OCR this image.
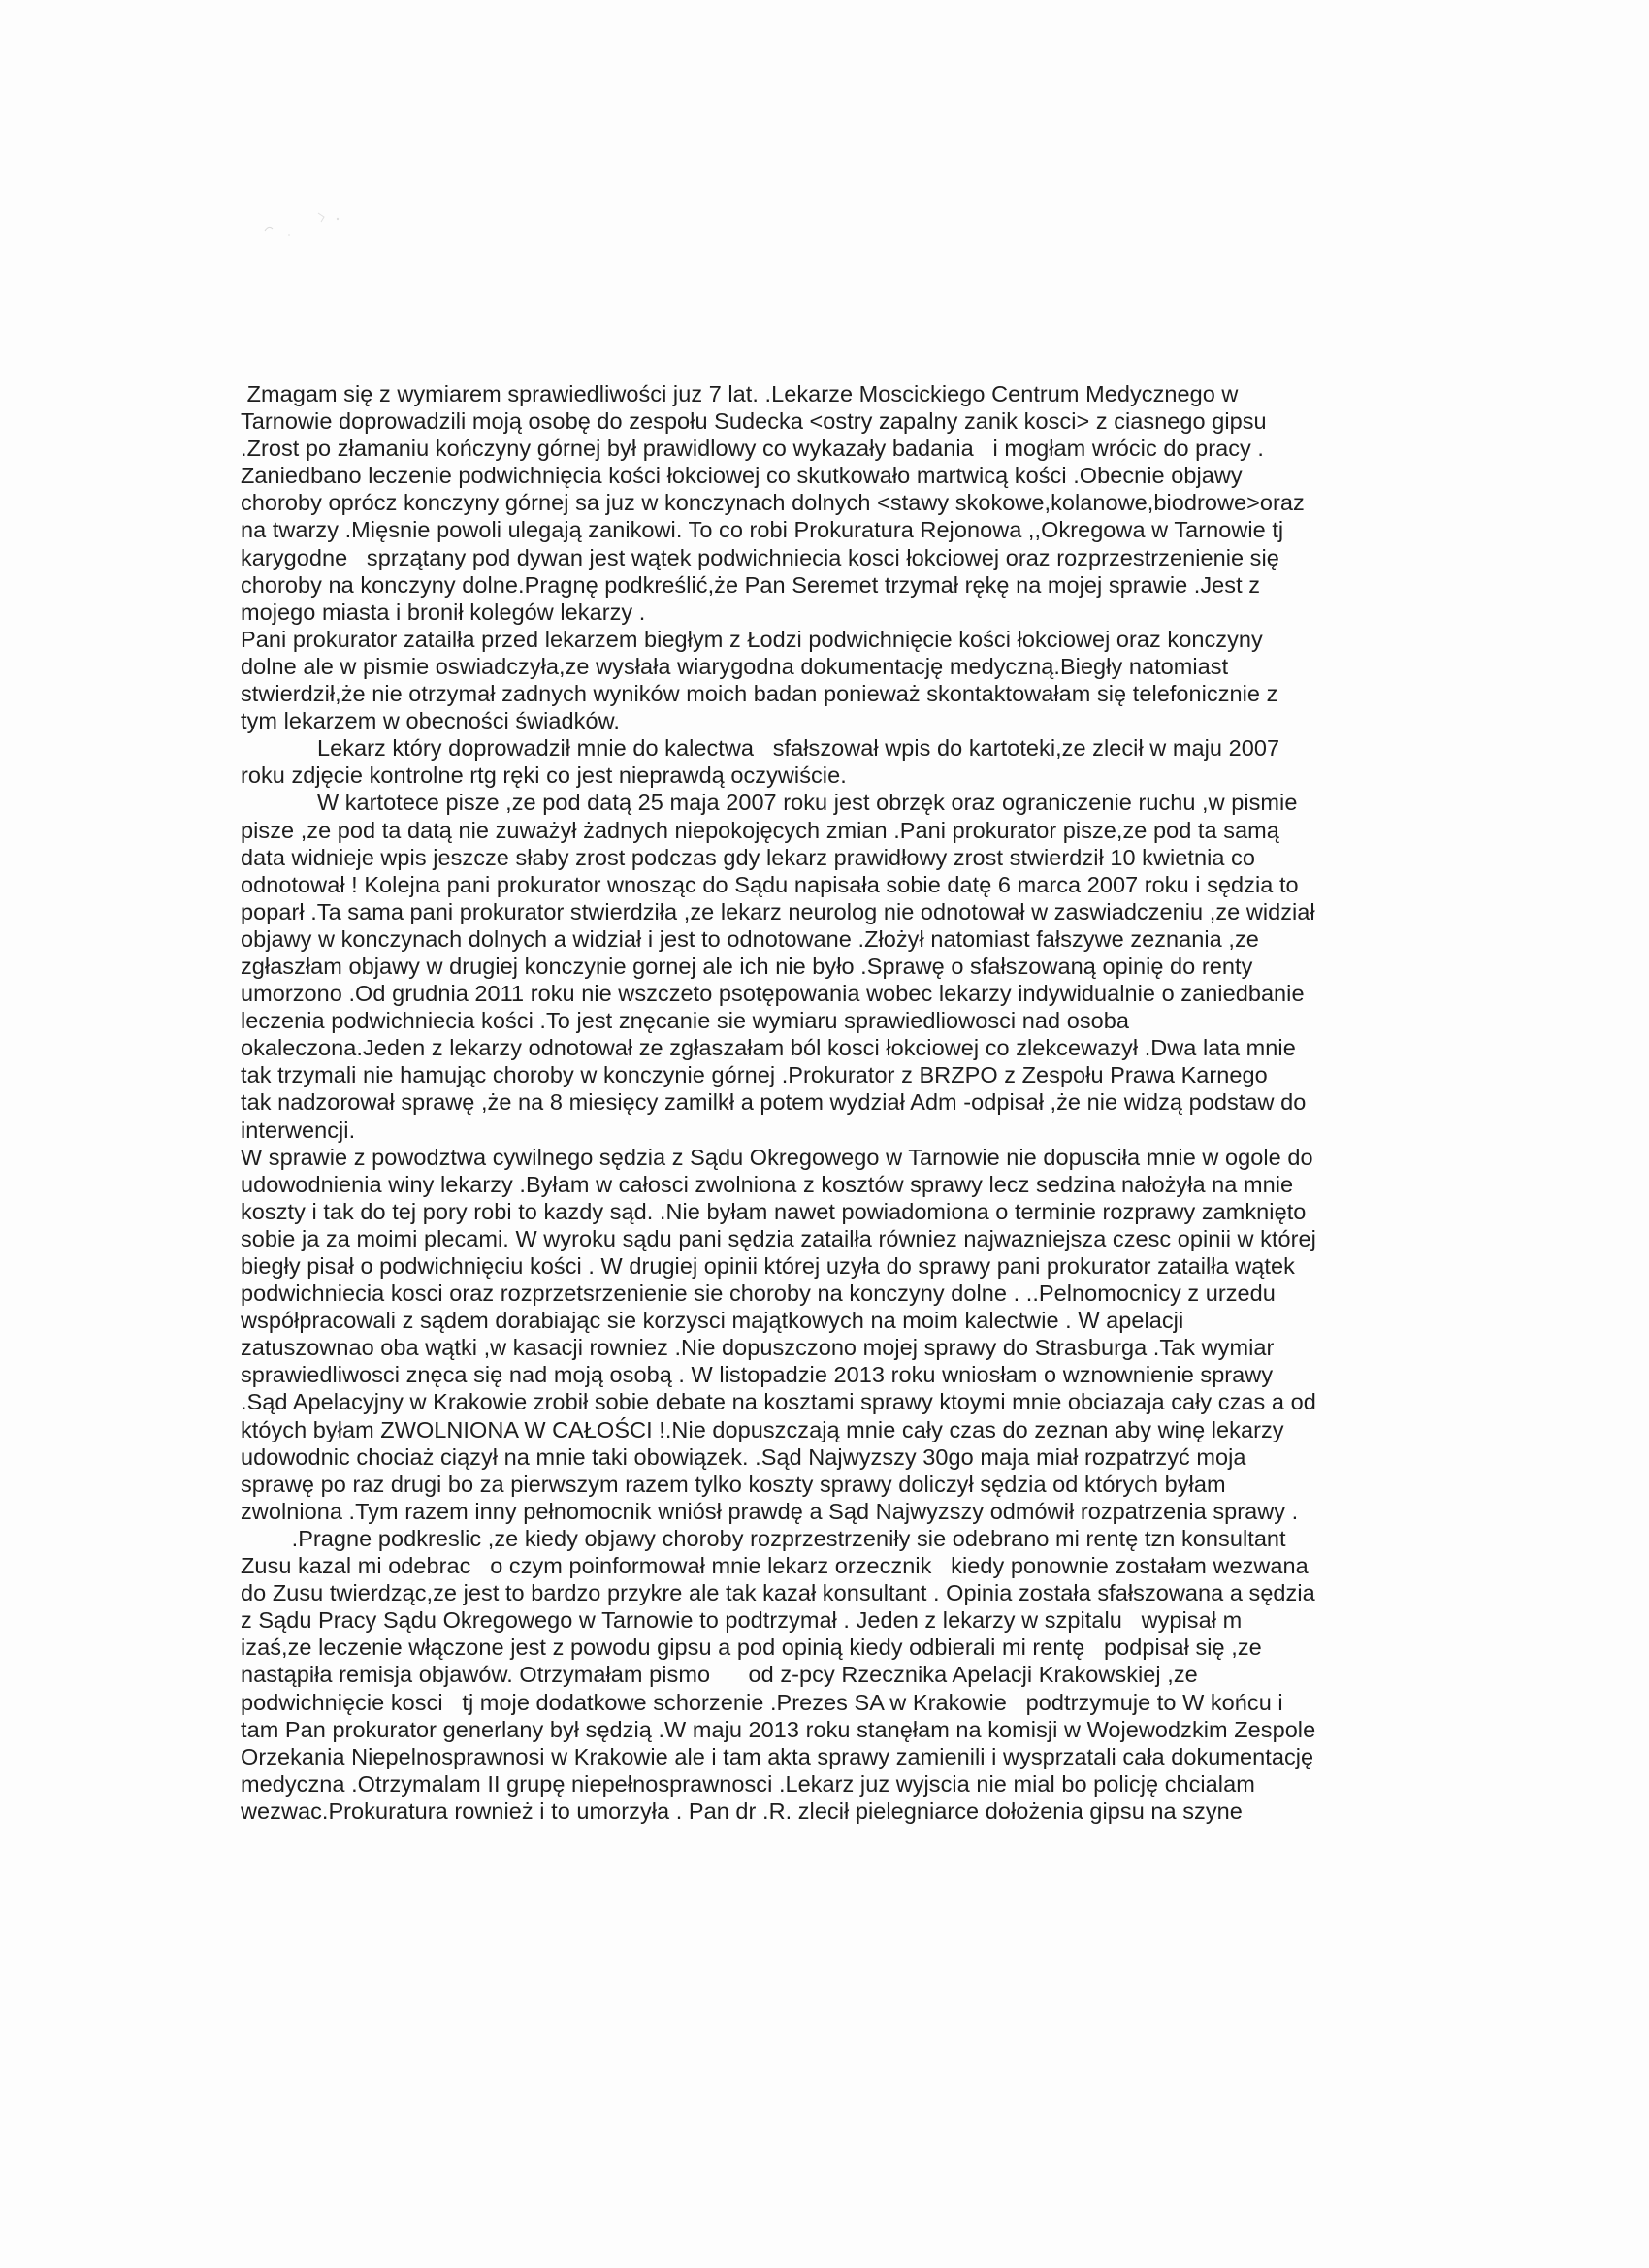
Zmagam się z wymiarem sprawiedliwości juz 7 lat. .Lekarze Moscickiego Centrum Medycznego w
Tarnowie doprowadzili moją osobę do zespołu Sudecka <ostry zapalny zanik kosci> z ciasnego gipsu
.Zrost po złamaniu kończyny górnej był prawidlowy co wykazały badania   i mogłam wrócic do pracy .
Zaniedbano leczenie podwichnięcia kości łokciowej co skutkowało martwicą kości .Obecnie objawy
choroby oprócz konczyny górnej sa juz w konczynach dolnych <stawy skokowe,kolanowe,biodrowe>oraz
na twarzy .Mięsnie powoli ulegają zanikowi. To co robi Prokuratura Rejonowa ,,Okregowa w Tarnowie tj
karygodne   sprzątany pod dywan jest wątek podwichniecia kosci łokciowej oraz rozprzestrzenienie się
choroby na konczyny dolne.Pragnę podkreślić,że Pan Seremet trzymał rękę na mojej sprawie .Jest z
mojego miasta i bronił kolegów lekarzy .
Pani prokurator zatailła przed lekarzem biegłym z Łodzi podwichnięcie kości łokciowej oraz konczyny
dolne ale w pismie oswiadczyła,ze wysłała wiarygodna dokumentację medyczną.Biegły natomiast
stwierdził,że nie otrzymał zadnych wyników moich badan ponieważ skontaktowałam się telefonicznie z
tym lekarzem w obecności świadków.
Lekarz który doprowadził mnie do kalectwa   sfałszował wpis do kartoteki,ze zlecił w maju 2007
roku zdjęcie kontrolne rtg ręki co jest nieprawdą oczywiście.
W kartotece pisze ,ze pod datą 25 maja 2007 roku jest obrzęk oraz ograniczenie ruchu ,w pismie
pisze ,ze pod ta datą nie zuważył żadnych niepokojęcych zmian .Pani prokurator pisze,ze pod ta samą
data widnieje wpis jeszcze słaby zrost podczas gdy lekarz prawidłowy zrost stwierdził 10 kwietnia co
odnotował ! Kolejna pani prokurator wnosząc do Sądu napisała sobie datę 6 marca 2007 roku i sędzia to
poparł .Ta sama pani prokurator stwierdziła ,ze lekarz neurolog nie odnotował w zaswiadczeniu ,ze widział
objawy w konczynach dolnych a widział i jest to odnotowane .Złożył natomiast fałszywe zeznania ,ze
zgłaszłam objawy w drugiej konczynie gornej ale ich nie było .Sprawę o sfałszowaną opinię do renty
umorzono .Od grudnia 2011 roku nie wszczeto psotępowania wobec lekarzy indywidualnie o zaniedbanie
leczenia podwichniecia kości .To jest znęcanie sie wymiaru sprawiedliowosci nad osoba
okaleczona.Jeden z lekarzy odnotował ze zgłaszałam ból kosci łokciowej co zlekcewazył .Dwa lata mnie
tak trzymali nie hamując choroby w konczynie górnej .Prokurator z BRZPO z Zespołu Prawa Karnego
tak nadzorował sprawę ,że na 8 miesięcy zamilkł a potem wydział Adm -odpisał ,że nie widzą podstaw do
interwencji.
W sprawie z powodztwa cywilnego sędzia z Sądu Okregowego w Tarnowie nie dopusciła mnie w ogole do
udowodnienia winy lekarzy .Byłam w całosci zwolniona z kosztów sprawy lecz sedzina nałożyła na mnie
koszty i tak do tej pory robi to kazdy sąd. .Nie byłam nawet powiadomiona o terminie rozprawy zamknięto
sobie ja za moimi plecami. W wyroku sądu pani sędzia zatailła równiez najwazniejsza czesc opinii w której
biegły pisał o podwichnięciu kości . W drugiej opinii której uzyła do sprawy pani prokurator zatailła wątek
podwichniecia kosci oraz rozprzetsrzenienie sie choroby na konczyny dolne . ..Pelnomocnicy z urzedu
współpracowali z sądem dorabiając sie korzysci majątkowych na moim kalectwie . W apelacji
zatuszownao oba wątki ,w kasacji rowniez .Nie dopuszczono mojej sprawy do Strasburga .Tak wymiar
sprawiedliwosci znęca się nad moją osobą . W listopadzie 2013 roku wniosłam o wznownienie sprawy
.Sąd Apelacyjny w Krakowie zrobił sobie debate na kosztami sprawy ktoymi mnie obciazaja cały czas a od
któych byłam ZWOLNIONA W CAŁOŚCI !.Nie dopuszczają mnie cały czas do zeznan aby winę lekarzy
udowodnic chociaż ciązył na mnie taki obowiązek. .Sąd Najwyzszy 30go maja miał rozpatrzyć moja
sprawę po raz drugi bo za pierwszym razem tylko koszty sprawy doliczył sędzia od których byłam
zwolniona .Tym razem inny pełnomocnik wniósł prawdę a Sąd Najwyzszy odmówił rozpatrzenia sprawy .
.Pragne podkreslic ,ze kiedy objawy choroby rozprzestrzeniły sie odebrano mi rentę tzn konsultant
Zusu kazal mi odebrac   o czym poinformował mnie lekarz orzecznik   kiedy ponownie zostałam wezwana
do Zusu twierdząc,ze jest to bardzo przykre ale tak kazał konsultant . Opinia została sfałszowana a sędzia
z Sądu Pracy Sądu Okregowego w Tarnowie to podtrzymał . Jeden z lekarzy w szpitalu   wypisał m
izaś,ze leczenie włączone jest z powodu gipsu a pod opinią kiedy odbierali mi rentę   podpisał się ,ze
nastąpiła remisja objawów. Otrzymałam pismo      od z-pcy Rzecznika Apelacji Krakowskiej ,ze
podwichnięcie kosci   tj moje dodatkowe schorzenie .Prezes SA w Krakowie   podtrzymuje to W końcu i
tam Pan prokurator generlany był sędzią .W maju 2013 roku stanęłam na komisji w Wojewodzkim Zespole
Orzekania Niepelnosprawnosi w Krakowie ale i tam akta sprawy zamienili i wysprzatali cała dokumentację
medyczna .Otrzymalam II grupę niepełnosprawnosci .Lekarz juz wyjscia nie mial bo policję chcialam
wezwac.Prokuratura rownież i to umorzyła . Pan dr .R. zlecił pielegniarce dołożenia gipsu na szyne
